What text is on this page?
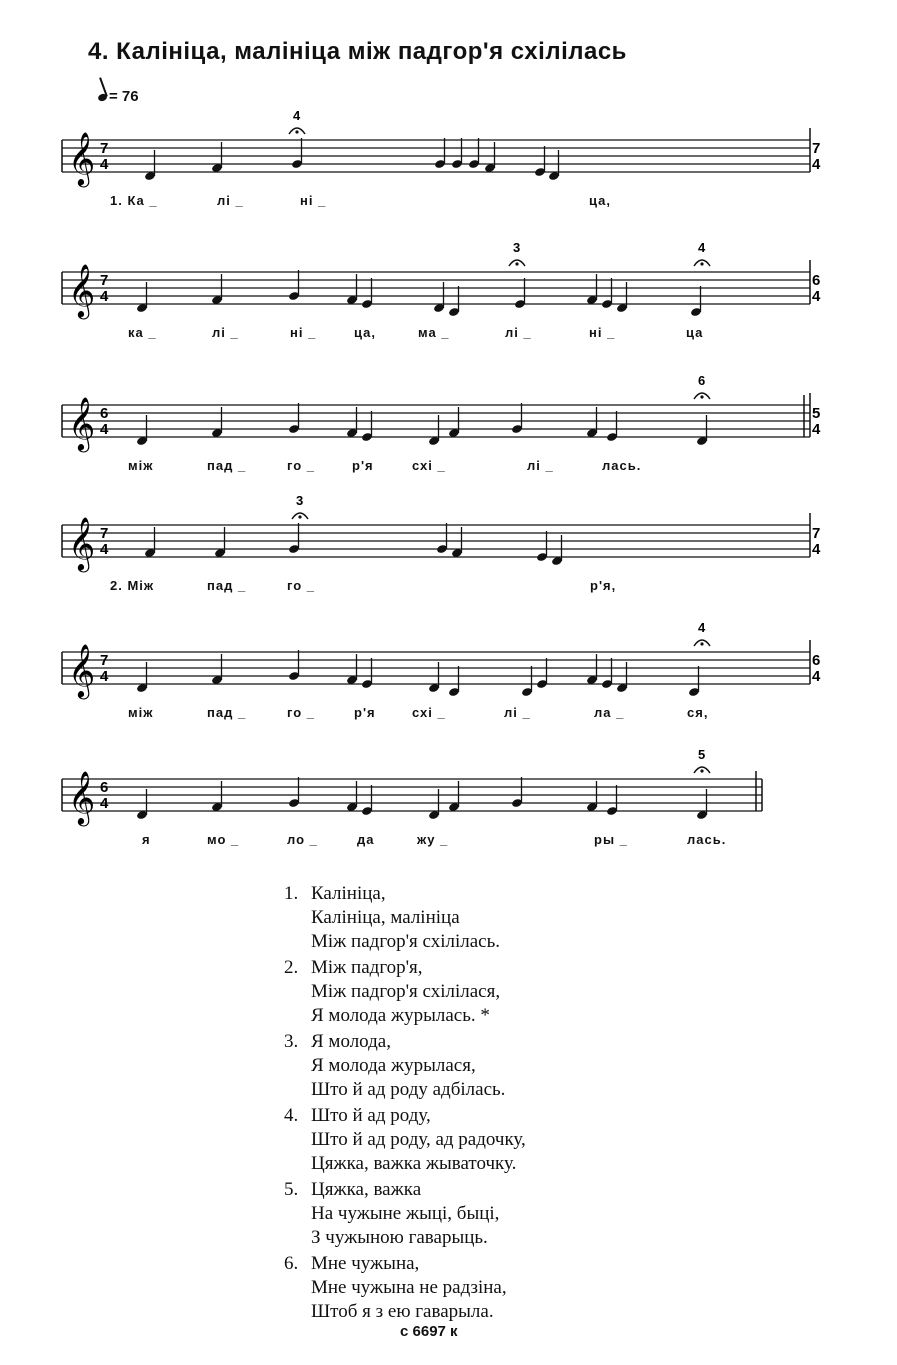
4. Калініца, малініца між падгор'я схілілась
= 76
𝄞 7
4
7
4
4
1. Ка _	лі _	ні _	ца,
𝄞 7
4
6
4
3	4
ка _	лі _	ні _	ца,	ма _	лі _	ні _	ца
𝄞 6
4
5
4
6
між	пад _	го _	р'я	схі _	лі _	лась.
𝄞 7
4
7
4
3
2. Між	пад _	го _	р'я,
𝄞 7
4
6
4
4
між	пад _	го _	р'я	схі _	лі _	ла _	ся,
𝄞 6
4
5
я	мо _	ло _	да	жу _	ры _	лась.
1. Калініца,
Калініца, малініца
Між падгор'я схілілась.
2. Між падгор'я,
Між падгор'я схілілася,
Я молода журылась. *
3. Я молода,
Я молода журылася,
Што й ад роду адбілась.
4. Што й ад роду,
Што й ад роду, ад радочку,
Цяжка, важка жываточку.
5. Цяжка, важка
На чужыне жыці, быці,
З чужыною гаварыць.
6. Мне чужына,
Мне чужына не радзіна,
Штоб я з ею гаварыла.
с 6697 к
